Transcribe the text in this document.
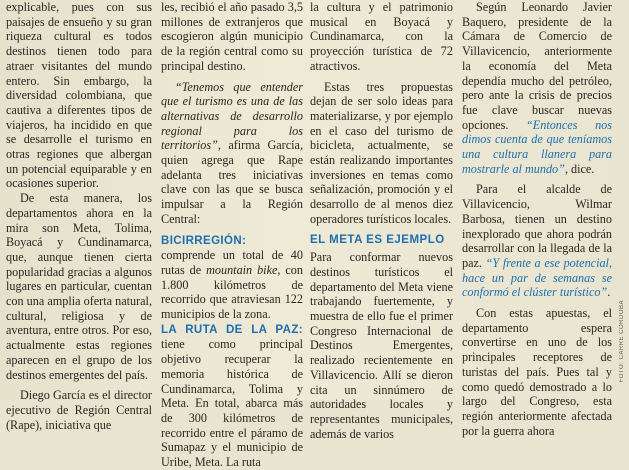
explicable, pues con sus paisajes de ensueño y su gran riqueza cultural es todos destinos tienen todo para atraer visitantes del mundo entero. Sin embargo, la diversidad colombiana, que cautiva a diferentes tipos de viajeros, ha incidido en que se desarrolle el turismo en otras regiones que albergan un potencial equiparable y en ocasiones superior.

De esta manera, los departamentos ahora en la mira son Meta, Tolima, Boyacá y Cundinamarca, que, aunque tienen cierta popularidad gracias a algunos lugares en particular, cuentan con una amplia oferta natural, cultural, religiosa y de aventura, entre otros. Por eso, actualmente estas regiones aparecen en el grupo de los destinos emergentes del país.

Diego García es el director ejecutivo de Región Central (Rape), iniciativa que

les, recibió el año pasado 3,5 millones de extranjeros que escogieron algún municipio de la región central como su principal destino.

“Tenemos que entender que el turismo es una de las alternativas de desarrollo regional para los territorios”, afirma García, quien agrega que Rape adelanta tres iniciativas clave con las que se busca impulsar a la Región Central:

BICIRREGIÓN: comprende un total de 40 rutas de mountain bike, con 1.800 kilómetros de recorrido que atraviesan 122 municipios de la zona.

LA RUTA DE LA PAZ: tiene como principal objetivo recuperar la memoria histórica de Cundinamarca, Tolima y Meta. En total, abarca más de 300 kilómetros de recorrido entre el páramo de Sumapaz y el municipio de Uribe, Meta. La ruta

la cultura y el patrimonio musical en Boyacá y Cundinamarca, con la proyección turística de 72 atractivos.

Estas tres propuestas dejan de ser solo ideas para materializarse, y por ejemplo en el caso del turismo de bicicleta, actualmente, se están realizando importantes inversiones en temas como señalización, promoción y el desarrollo de al menos diez operadores turísticos locales.

EL META ES EJEMPLO

Para conformar nuevos destinos turísticos el departamento del Meta viene trabajando fuertemente, y muestra de ello fue el primer Congreso Internacional de Destinos Emergentes, realizado recientemente en Villavicencio. Allí se dieron cita un sinnúmero de autoridades locales y representantes municipales, además de varios

Según Leonardo Javier Baquero, presidente de la Cámara de Comercio de Villavicencio, anteriormente la economía del Meta dependía mucho del petróleo, pero ante la crisis de precios fue clave buscar nuevas opciones. “Entonces nos dimos cuenta de que teníamos una cultura llanera para mostrarle al mundo”, dice.

Para el alcalde de Villavicencio, Wilmar Barbosa, tienen un destino inexplorado que ahora podrán desarrollar con la llegada de la paz. “Y frente a ese potencial, hace un par de semanas se conformó el clúster turístico”.

Con estas apuestas, el departamento espera convertirse en uno de los principales receptores de turistas del país. Pues tal y como quedó demostrado a lo largo del Congreso, esta región anteriormente afectada por la guerra ahora

FOTO: CARRE CORDOBA
